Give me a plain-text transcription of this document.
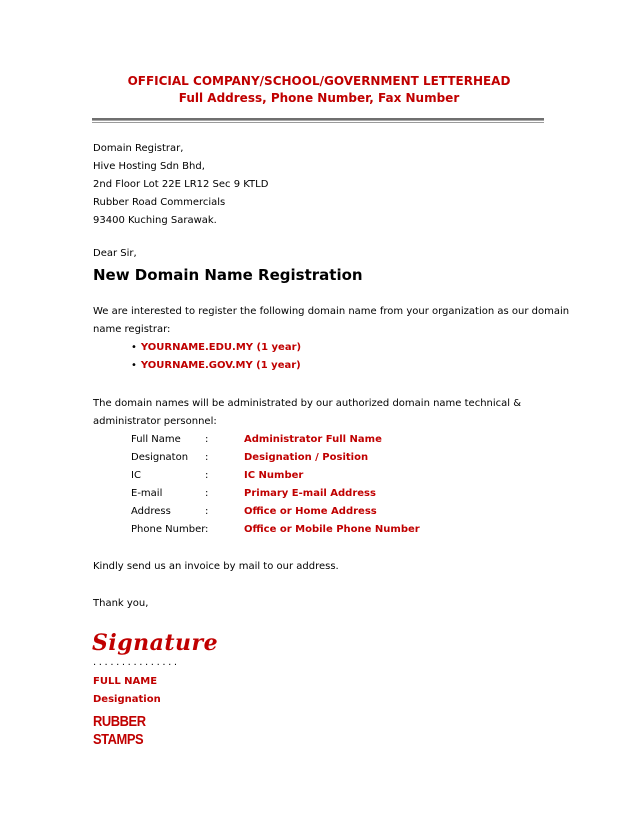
OFFICIAL COMPANY/SCHOOL/GOVERNMENT LETTERHEAD
Full Address, Phone Number, Fax Number
Domain Registrar,
Hive Hosting Sdn Bhd,
2nd Floor Lot 22E LR12 Sec 9 KTLD
Rubber Road Commercials
93400 Kuching Sarawak.
Dear Sir,
New Domain Name Registration
We are interested to register the following domain name from your organization as our domain
name registrar:
• YOURNAME.EDU.MY (1 year)
• YOURNAME.GOV.MY (1 year)
The domain names will be administrated by our authorized domain name technical &
administrator personnel:
Full Name :	Administrator Full Name
Designaton :	Designation / Position
IC	:	IC Number
E-mail	:	Primary E-mail Address
Address	:	Office or Home Address
Phone Number :	Office or Mobile Phone Number
Kindly send us an invoice by mail to our address.
Thank you,
Signature
...............
FULL NAME
Designation
RUBBER
STAMPS
